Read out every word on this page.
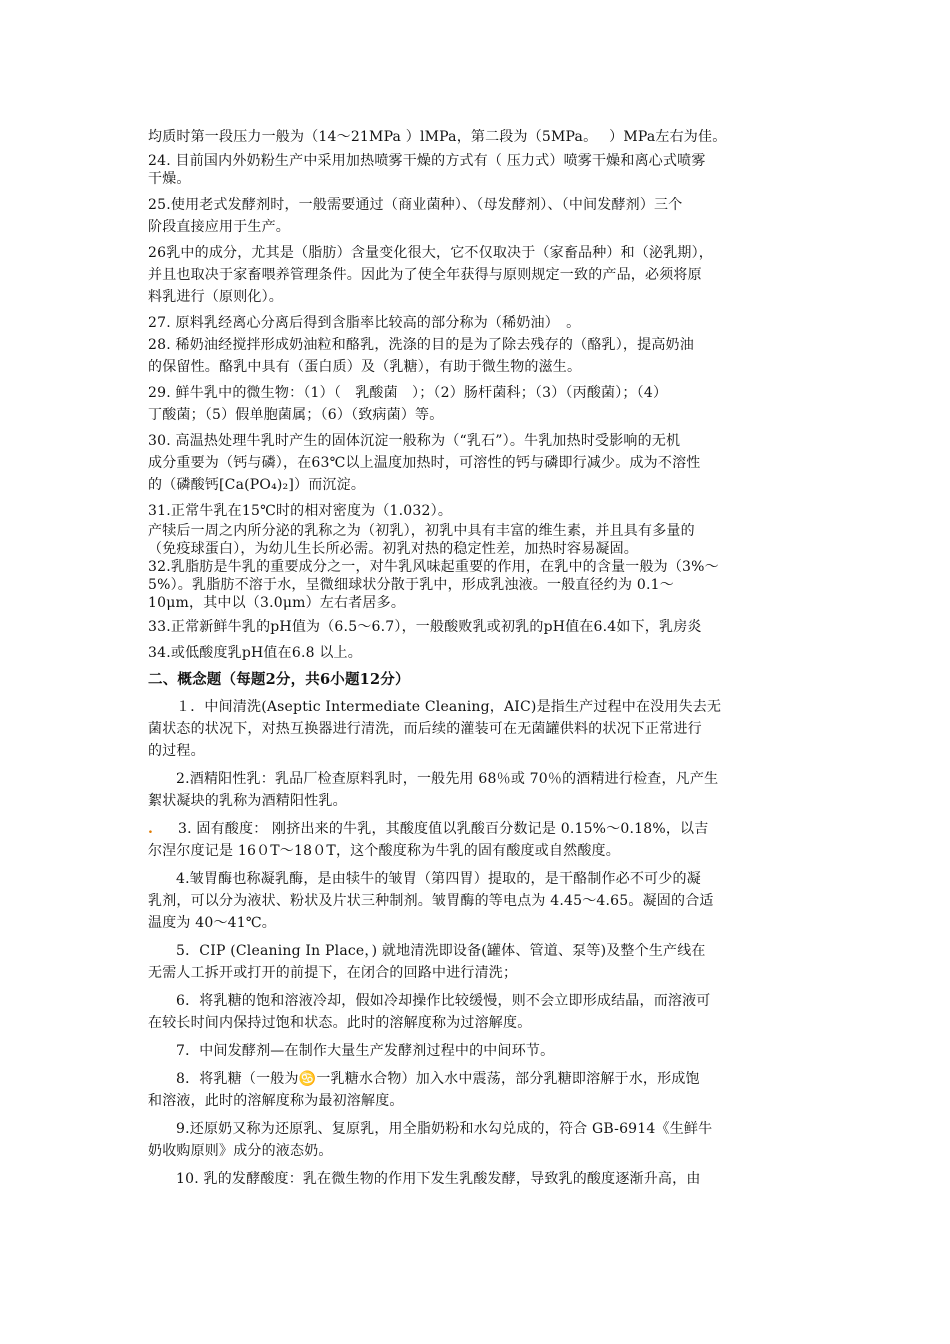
均质时第一段压力一般为（14～21MPa ）lMPa，第二段为（5MPa。　 ）MPa左右为佳。
24. 目前国内外奶粉生产中采用加热喷雾干燥的方式有（ 压力式）喷雾干燥和离心式喷雾
干燥。
25.使用老式发酵剂时，一般需要通过（商业菌种）、（母发酵剂）、（中间发酵剂）三个
阶段直接应用于生产。
26乳中的成分，尤其是（脂肪）含量变化很大，它不仅取决于（家畜品种）和（泌乳期），
并且也取决于家畜喂养管理条件。因此为了使全年获得与原则规定一致的产品，必须将原
料乳进行（原则化）。
27. 原料乳经离心分离后得到含脂率比较高的部分称为（稀奶油）　。
28. 稀奶油经搅拌形成奶油粒和酪乳，洗涤的目的是为了除去残存的（酪乳），提高奶油
的保留性。酪乳中具有（蛋白质）及（乳糖），有助于微生物的滋生。
29. 鲜牛乳中的微生物：（1）（　乳酸菌　）；（2）肠杆菌科；（3）（丙酸菌）；（4）
丁酸菌；（5）假单胞菌属；（6）（致病菌）等。
30. 高温热处理牛乳时产生的固体沉淀一般称为（“乳石”）。牛乳加热时受影响的无机
成分重要为（钙与磷），在63℃以上温度加热时，可溶性的钙与磷即行减少。成为不溶性
的（磷酸钙[Ca(PO₄)₂]）而沉淀。
31.正常牛乳在15℃时的相对密度为（1.032）。
产犊后一周之内所分泌的乳称之为（初乳），初乳中具有丰富的维生素，并且具有多量的
（免疫球蛋白），为幼儿生长所必需。初乳对热的稳定性差，加热时容易凝固。
32.乳脂肪是牛乳的重要成分之一，对牛乳风味起重要的作用，在乳中的含量一般为（3%～
5%）。乳脂肪不溶于水，呈微细球状分散于乳中，形成乳浊液。一般直径约为 0.1～
10μm，其中以（3.0μm）左右者居多。
33.正常新鲜牛乳的pH值为（6.5～6.7），一般酸败乳或初乳的pH值在6.4如下，乳房炎
34.或低酸度乳pH值在6.8 以上。
二、概念题（每题2分，共6小题12分）
１．中间清洗(Aseptic Intermediate Cleaning，AIC)是指生产过程中在没用失去无
菌状态的状况下，对热互换器进行清洗，而后续的灌装可在无菌罐供料的状况下正常进行
的过程。
2.酒精阳性乳：乳品厂检查原料乳时，一般先用 68％或 70％的酒精进行检查，凡产生
絮状凝块的乳称为酒精阳性乳。
. 3. 固有酸度： 刚挤出来的牛乳，其酸度值以乳酸百分数记是 0.15%～0.18%，以吉
尔涅尔度记是 16０T～18０T，这个酸度称为牛乳的固有酸度或自然酸度。
4.皱胃酶也称凝乳酶，是由犊牛的皱胃（第四胃）提取的，是干酪制作必不可少的凝
乳剂，可以分为液状、粉状及片状三种制剂。皱胃酶的等电点为 4.45～4.65。凝固的合适
温度为 40～41℃。
5．CIP (Cleaning In Place，) 就地清洗即设备(罐体、管道、泵等)及整个生产线在
无需人工拆开或打开的前提下，在闭合的回路中进行清洗；
6．将乳糖的饱和溶液冷却，假如冷却操作比较缓慢，则不会立即形成结晶，而溶液可
在较长时间内保持过饱和状态。此时的溶解度称为过溶解度。
7．中间发酵剂—在制作大量生产发酵剂过程中的中间环节。
8．将乳糖（一般为♋一乳糖水合物）加入水中震荡，部分乳糖即溶解于水，形成饱
和溶液，此时的溶解度称为最初溶解度。
9.还原奶又称为还原乳、复原乳，用全脂奶粉和水勾兑成的，符合 GB-6914《生鲜牛
奶收购原则》成分的液态奶。
10. 乳的发酵酸度：乳在微生物的作用下发生乳酸发酵，导致乳的酸度逐渐升高，由
